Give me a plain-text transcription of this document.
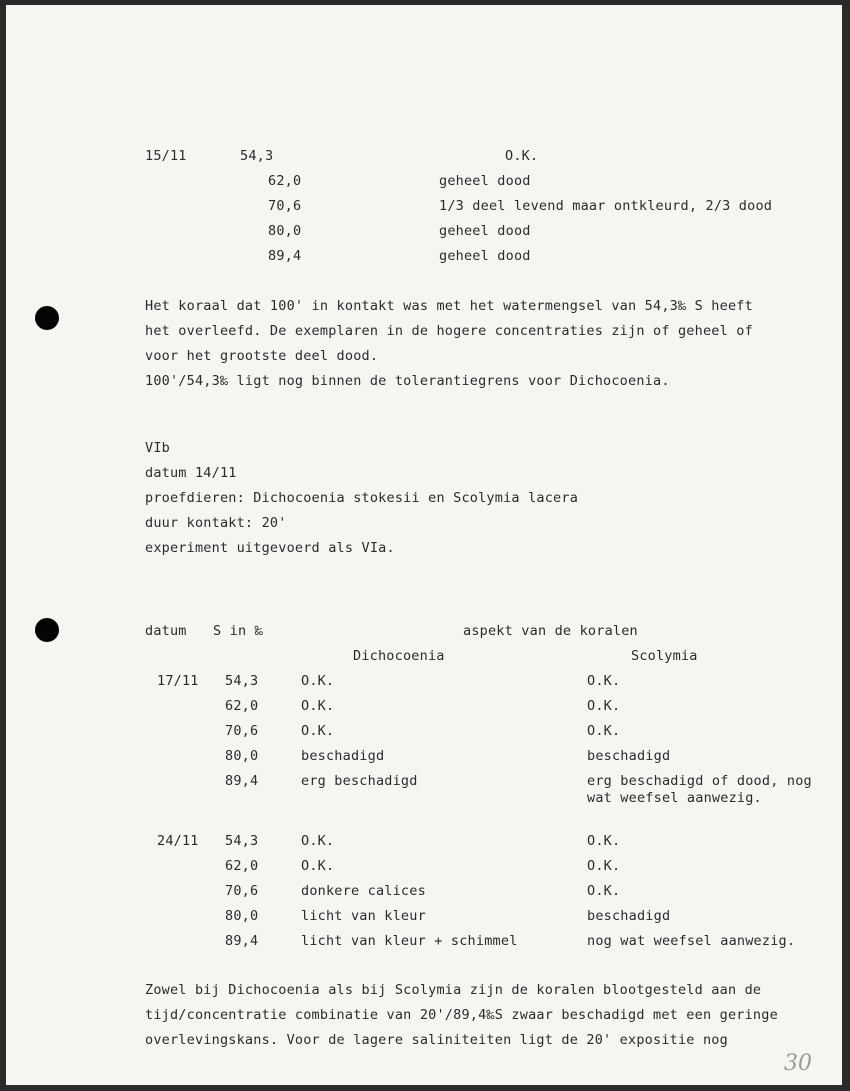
15/11	54,3	O.K.
62,0	geheel dood
70,6	1/3 deel levend maar ontkleurd, 2/3 dood
80,0	geheel dood
89,4	geheel dood
Het koraal dat 100' in kontakt was met het watermengsel van 54,3‰ S heeft
het overleefd. De exemplaren in de hogere concentraties zijn of geheel of
voor het grootste deel dood.
100'/54,3‰ ligt nog binnen de tolerantiegrens voor Dichocoenia.
VIb
datum 14/11
proefdieren: Dichocoenia stokesii en Scolymia lacera
duur kontakt: 20'
experiment uitgevoerd als VIa.
datum S in ‰	aspekt van de koralen
Dichocoenia	Scolymia
17/11 54,3	O.K.	O.K.
62,0	O.K.	O.K.
70,6	O.K.	O.K.
80,0	beschadigd	beschadigd
89,4	erg beschadigd	erg beschadigd of dood, nog
wat weefsel aanwezig.
24/11 54,3	O.K.	O.K.
62,0	O.K.	O.K.
70,6	donkere calices	O.K.
80,0	licht van kleur	beschadigd
89,4	licht van kleur + schimmel	nog wat weefsel aanwezig.
Zowel bij Dichocoenia als bij Scolymia zijn de koralen blootgesteld aan de
tijd/concentratie combinatie van 20'/89,4‰S zwaar beschadigd met een geringe
overlevingskans. Voor de lagere saliniteiten ligt de 20' expositie nog
30
